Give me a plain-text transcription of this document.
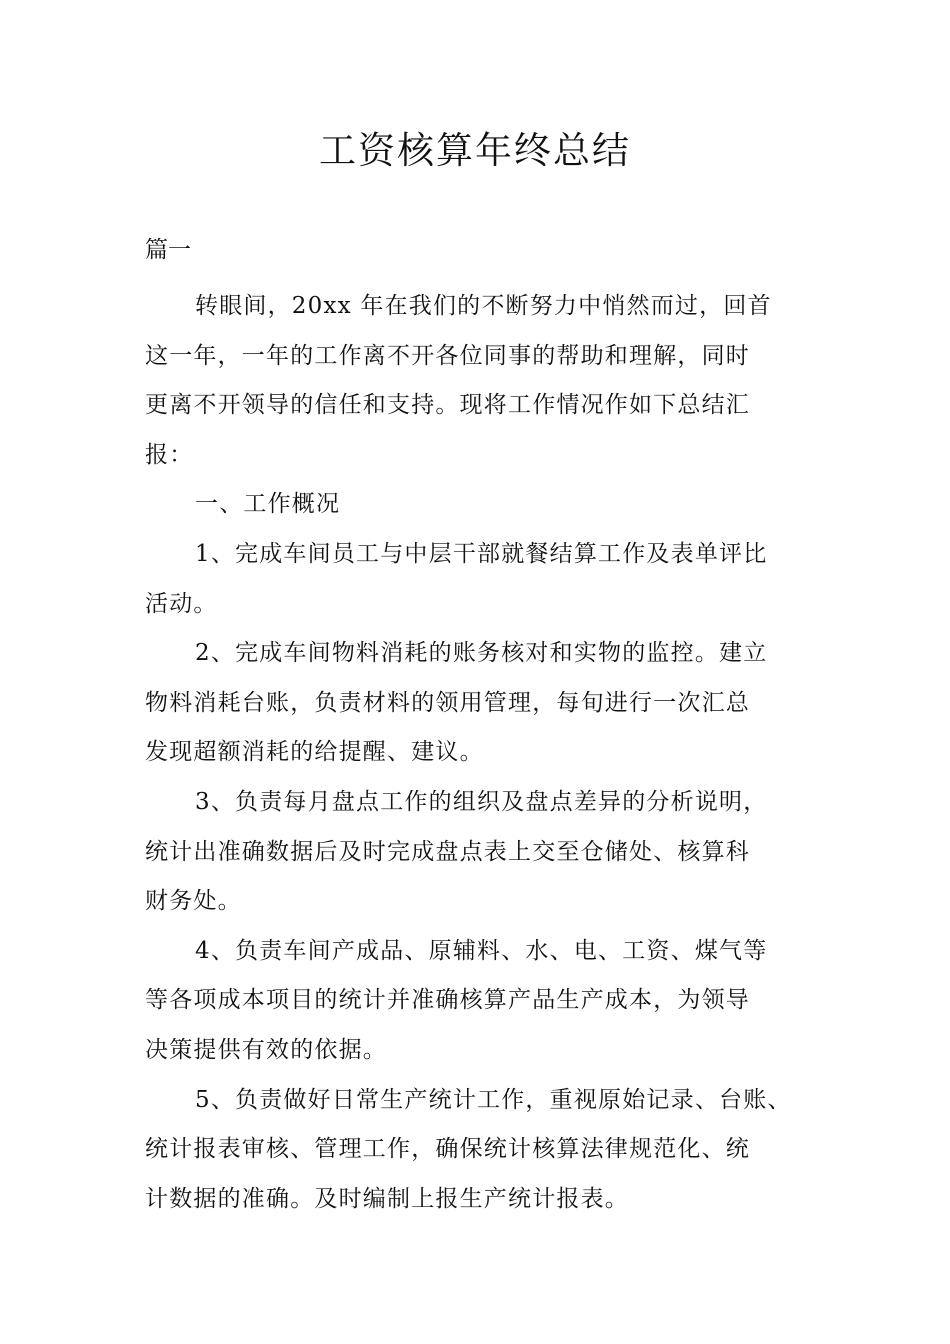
工资核算年终总结

篇一

转眼间，20xx 年在我们的不断努力中悄然而过，回首
这一年，一年的工作离不开各位同事的帮助和理解，同时
更离不开领导的信任和支持。现将工作情况作如下总结汇
报：
一、工作概况
1、完成车间员工与中层干部就餐结算工作及表单评比
活动。
2、完成车间物料消耗的账务核对和实物的监控。建立
物料消耗台账，负责材料的领用管理，每旬进行一次汇总
发现超额消耗的给提醒、建议。
3、负责每月盘点工作的组织及盘点差异的分析说明，
统计出准确数据后及时完成盘点表上交至仓储处、核算科
财务处。
4、负责车间产成品、原辅料、水、电、工资、煤气等
等各项成本项目的统计并准确核算产品生产成本，为领导
决策提供有效的依据。
5、负责做好日常生产统计工作，重视原始记录、台账、
统计报表审核、管理工作，确保统计核算法律规范化、统
计数据的准确。及时编制上报生产统计报表。
